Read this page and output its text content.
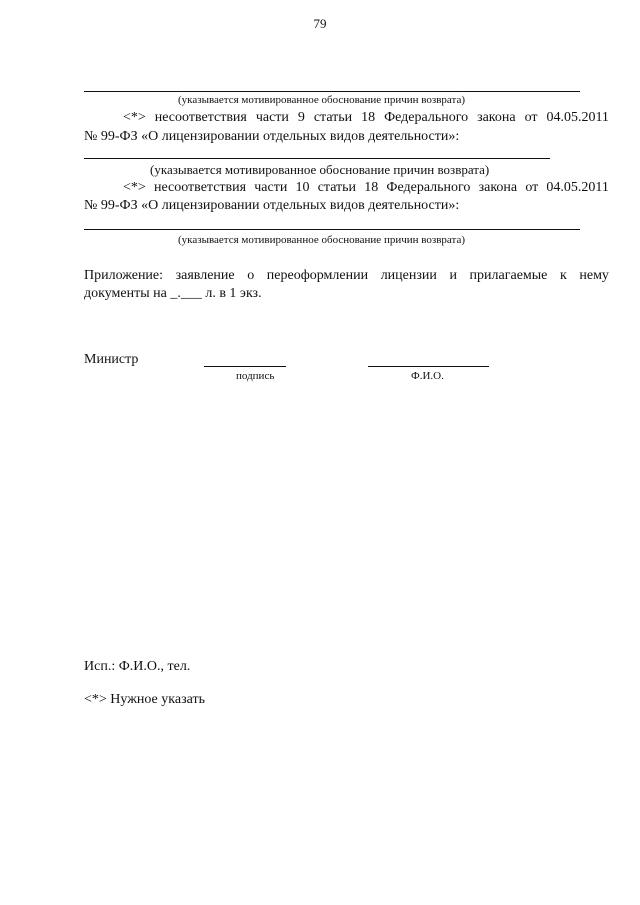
79
(указывается мотивированное обоснование причин возврата)
<*> несоответствия части 9 статьи 18 Федерального закона от 04.05.2011
№ 99-ФЗ «О лицензировании отдельных видов деятельности»:
(указывается мотивированное обоснование причин возврата)
<*> несоответствия части 10 статьи 18 Федерального закона от 04.05.2011
№ 99-ФЗ «О лицензировании отдельных видов деятельности»:
(указывается мотивированное обоснование причин возврата)
Приложение: заявление о переоформлении лицензии и прилагаемые к нему
документы на _.___ л. в 1 экз.
Министр
подпись	Ф.И.О.
Исп.: Ф.И.О., тел.
<*> Нужное указать
